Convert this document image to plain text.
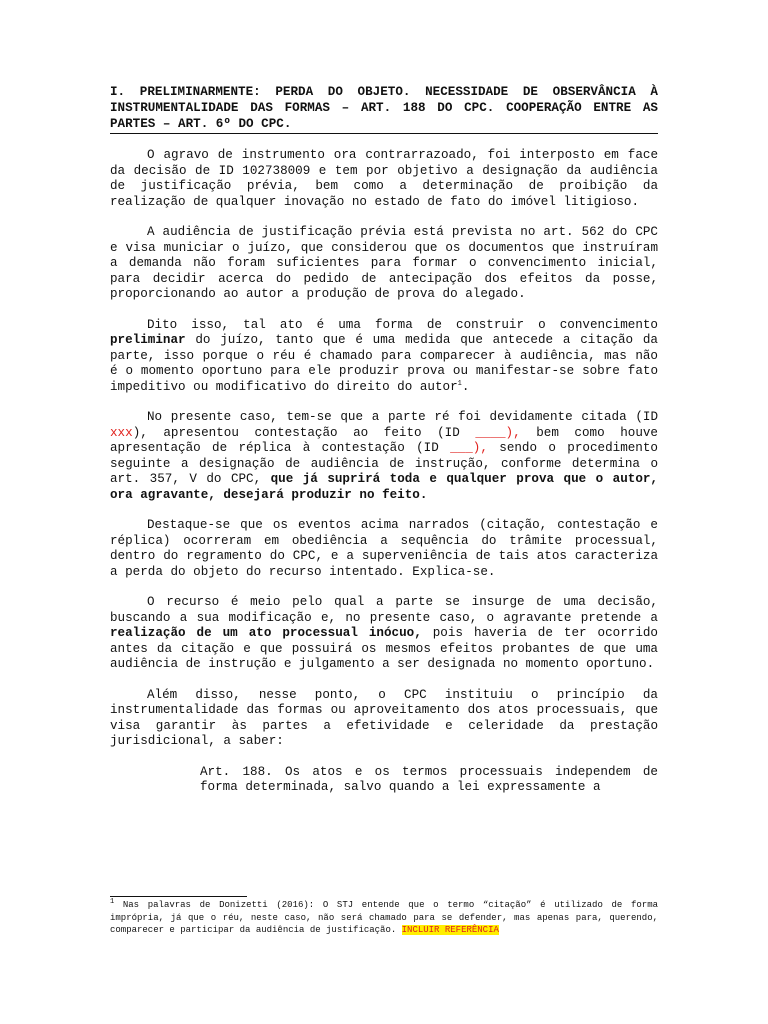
I. PRELIMINARMENTE: PERDA DO OBJETO. NECESSIDADE DE OBSERVÂNCIA À INSTRUMENTALIDADE DAS FORMAS – ART. 188 DO CPC. COOPERAÇÃO ENTRE AS PARTES – ART. 6º DO CPC.

O agravo de instrumento ora contrarrazoado, foi interposto em face da decisão de ID 102738009 e tem por objetivo a designação da audiência de justificação prévia, bem como a determinação de proibição da realização de qualquer inovação no estado de fato do imóvel litigioso.

A audiência de justificação prévia está prevista no art. 562 do CPC e visa municiar o juízo, que considerou que os documentos que instruíram a demanda não foram suficientes para formar o convencimento inicial, para decidir acerca do pedido de antecipação dos efeitos da posse, proporcionando ao autor a produção de prova do alegado.

Dito isso, tal ato é uma forma de construir o convencimento preliminar do juízo, tanto que é uma medida que antecede a citação da parte, isso porque o réu é chamado para comparecer à audiência, mas não é o momento oportuno para ele produzir prova ou manifestar-se sobre fato impeditivo ou modificativo do direito do autor$^1$.

No presente caso, tem-se que a parte ré foi devidamente citada (ID xxx), apresentou contestação ao feito (ID ____), bem como houve apresentação de réplica à contestação (ID ___), sendo o procedimento seguinte a designação de audiência de instrução, conforme determina o art. 357, V do CPC, que já suprirá toda e qualquer prova que o autor, ora agravante, desejará produzir no feito.

Destaque-se que os eventos acima narrados (citação, contestação e réplica) ocorreram em obediência a sequência do trâmite processual, dentro do regramento do CPC, e a superveniência de tais atos caracteriza a perda do objeto do recurso intentado. Explica-se.

O recurso é meio pelo qual a parte se insurge de uma decisão, buscando a sua modificação e, no presente caso, o agravante pretende a realização de um ato processual inócuo, pois haveria de ter ocorrido antes da citação e que possuirá os mesmos efeitos probantes de que uma audiência de instrução e julgamento a ser designada no momento oportuno.

Além disso, nesse ponto, o CPC instituiu o princípio da instrumentalidade das formas ou aproveitamento dos atos processuais, que visa garantir às partes a efetividade e celeridade da prestação jurisdicional, a saber:

Art. 188. Os atos e os termos processuais independem de forma determinada, salvo quando a lei expressamente a

$^1$ Nas palavras de Donizetti (2016): O STJ entende que o termo “citação” é utilizado de forma imprópria, já que o réu, neste caso, não será chamado para se defender, mas apenas para, querendo, comparecer e participar da audiência de justificação. INCLUIR REFERÊNCIA
